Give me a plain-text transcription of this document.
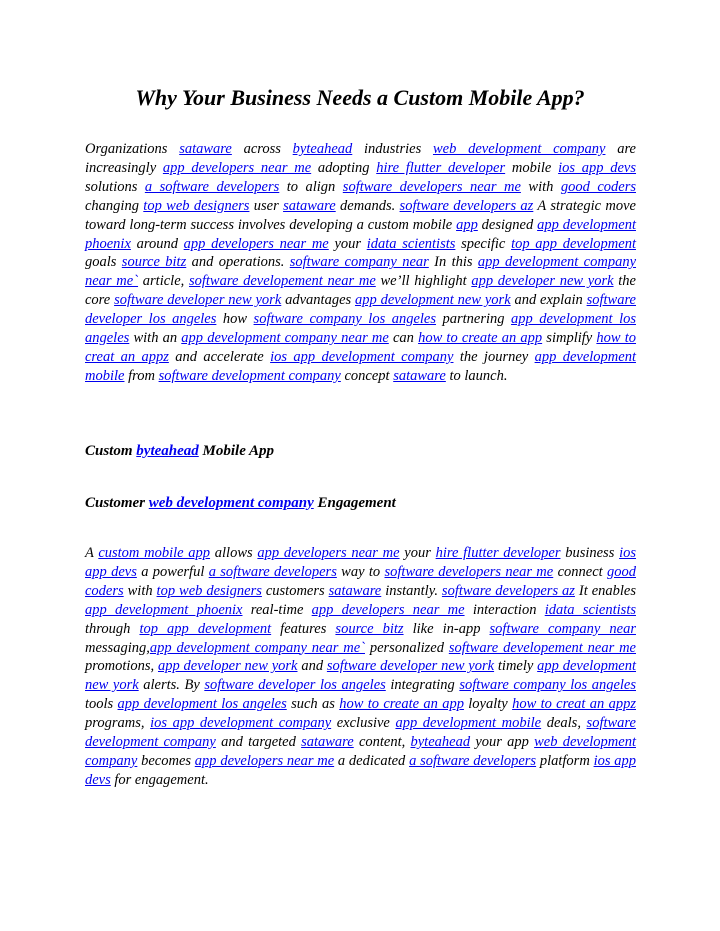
Why Your Business Needs a Custom Mobile App?

Organizations sataware across byteahead industries web development company are increasingly app developers near me adopting hire flutter developer mobile ios app devs solutions a software developers to align software developers near me with good coders changing top web designers user sataware demands. software developers az A strategic move toward long-term success involves developing a custom mobile app designed app development phoenix around app developers near me your idata scientists specific top app development goals source bitz and operations. software company near In this app development company near me` article, software developement near me we’ll highlight app developer new york the core software developer new york advantages app development new york and explain software developer los angeles how software company los angeles partnering app development los angeles with an app development company near me can how to create an app simplify how to creat an appz and accelerate ios app development company the journey app development mobile from software development company concept sataware to launch.

Custom byteahead Mobile App

Customer web development company Engagement

A custom mobile app allows app developers near me your hire flutter developer business ios app devs a powerful a software developers way to software developers near me connect good coders with top web designers customers sataware instantly. software developers az It enables app development phoenix real-time app developers near me interaction idata scientists through top app development features source bitz like in-app software company near messaging,app development company near me` personalized software developement near me promotions, app developer new york and software developer new york timely app development new york alerts. By software developer los angeles integrating software company los angeles tools app development los angeles such as how to create an app loyalty how to creat an appz programs, ios app development company exclusive app development mobile deals, software development company and targeted sataware content, byteahead your app web development company becomes app developers near me a dedicated a software developers platform ios app devs for engagement.
